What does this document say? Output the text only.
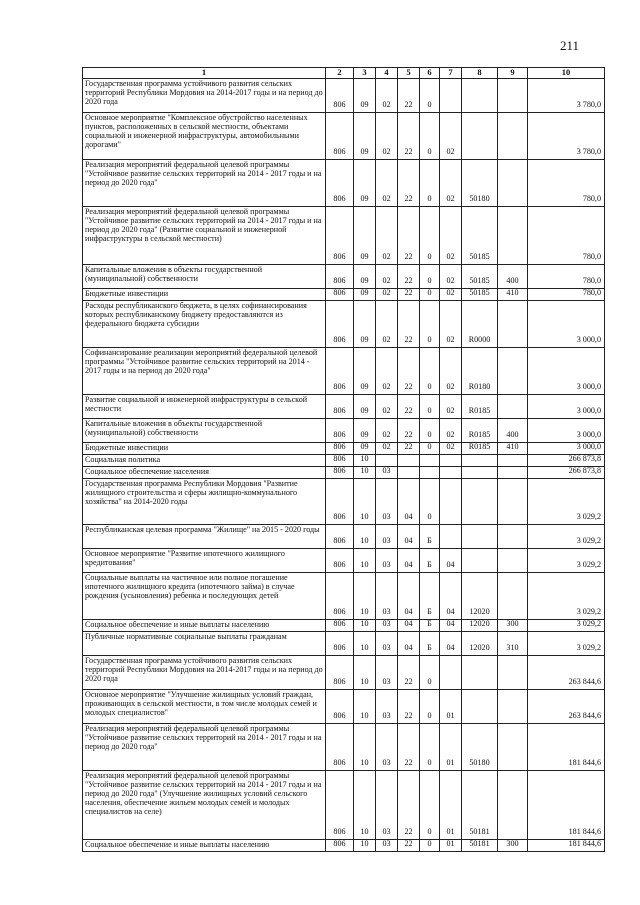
211
1	2	3	4	5	6	7	8	9	10
Государственная программа устойчивого развития сельских территорий Республики Мордовия на 2014-2017 годы и на период до 2020 года	806	09	02	22	0				3 780,0
Основное мероприятие "Комплексное обустройство населенных пунктов, расположенных в сельской местности, объектами социальной и инженерной инфраструктуры, автомобильными дорогами"	806	09	02	22	0	02			3 780,0
Реализация мероприятий федеральной целевой программы "Устойчивое развитие сельских территорий на 2014 - 2017 годы и на период до 2020 года"	806	09	02	22	0	02	50180		780,0
Реализация мероприятий федеральной целевой программы "Устойчивое развитие сельских территорий на 2014 - 2017 годы и на период до 2020 года" (Развитие социальной и инженерной инфраструктуры в сельской местности)	806	09	02	22	0	02	50185		780,0
Капитальные вложения в объекты государственной (муниципальной) собственности	806	09	02	22	0	02	50185	400	780,0
Бюджетные инвестиции	806	09	02	22	0	02	50185	410	780,0
Расходы республиканского бюджета, в целях софинансирования которых республиканскому бюджету предоставляются из федерального бюджета субсидии	806	09	02	22	0	02	R0000		3 000,0
Софинансирование реализации мероприятий федеральной целевой программы "Устойчивое развитие сельских территорий на 2014 - 2017 годы и на период до 2020 года"	806	09	02	22	0	02	R0180		3 000,0
Развитие социальной и инженерной инфраструктуры в сельской местности	806	09	02	22	0	02	R0185		3 000,0
Капитальные вложения в объекты государственной (муниципальной) собственности	806	09	02	22	0	02	R0185	400	3 000,0
Бюджетные инвестиции	806	09	02	22	0	02	R0185	410	3 000,0
Социальная политика	806	10							266 873,8
Социальное обеспечение населения	806	10	03						266 873,8
Государственная программа Республики Мордовия "Развитие жилищного строительства и сферы жилищно-коммунального хозяйства" на 2014-2020 годы	806	10	03	04	0				3 029,2
Республиканская целевая программа "Жилище" на 2015 - 2020 годы	806	10	03	04	Б				3 029,2
Основное мероприятие "Развитие ипотечного жилищного кредитования"	806	10	03	04	Б	04			3 029,2
Социальные выплаты на частичное или полное погашение ипотечного жилищного кредита (ипотечного займа) в случае рождения (усыновления) ребенка и последующих детей	806	10	03	04	Б	04	12020		3 029,2
Социальное обеспечение и иные выплаты населению	806	10	03	04	Б	04	12020	300	3 029,2
Публичные нормативные социальные выплаты гражданам	806	10	03	04	Б	04	12020	310	3 029,2
Государственная программа устойчивого развития сельских территорий Республики Мордовия на 2014-2017 годы и на период до 2020 года	806	10	03	22	0				263 844,6
Основное мероприятие "Улучшение жилищных условий граждан, проживающих в сельской местности, в том числе молодых семей и молодых специалистов"	806	10	03	22	0	01			263 844,6
Реализация мероприятий федеральной целевой программы "Устойчивое развитие сельских территорий на 2014 - 2017 годы и на период до 2020 года"	806	10	03	22	0	01	50180		181 844,6
Реализация мероприятий федеральной целевой программы "Устойчивое развитие сельских территорий на 2014 - 2017 годы и на период до 2020 года" (Улучшение жилищных условий сельского населения, обеспечение жильем молодых семей и молодых специалистов на селе)	806	10	03	22	0	01	50181		181 844,6
Социальное обеспечение и иные выплаты населению	806	10	03	22	0	01	50181	300	181 844,6
